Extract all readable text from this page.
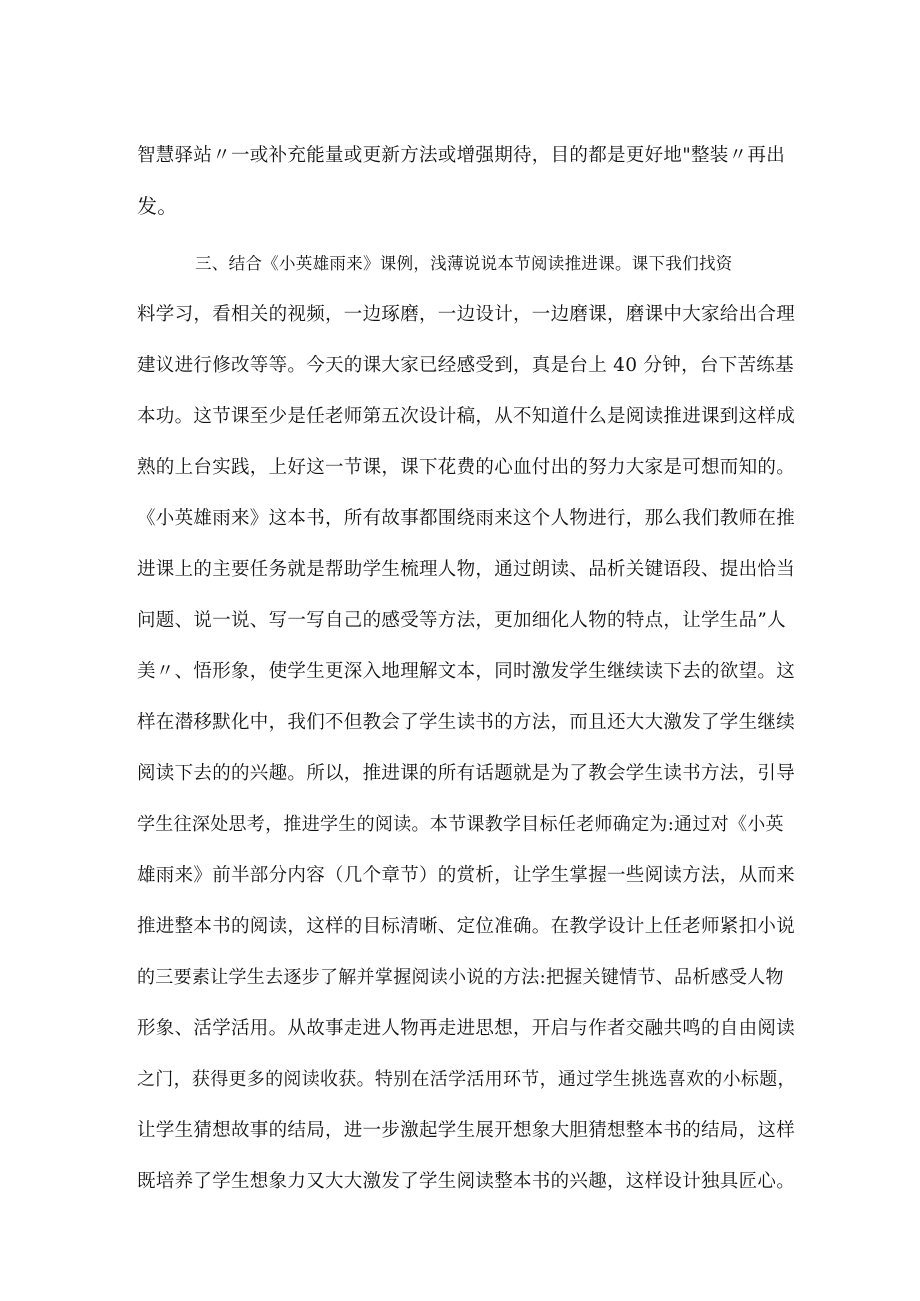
智慧驿站〃一或补充能量或更新方法或增强期待，目的都是更好地"整装〃再出
发。
三、结合《小英雄雨来》课例，浅薄说说本节阅读推进课。课下我们找资
料学习，看相关的视频，一边琢磨，一边设计，一边磨课，磨课中大家给出合理
建议进行修改等等。今天的课大家已经感受到，真是台上 40 分钟，台下苦练基
本功。这节课至少是任老师第五次设计稿，从不知道什么是阅读推进课到这样成
熟的上台实践，上好这一节课，课下花费的心血付出的努力大家是可想而知的。
《小英雄雨来》这本书，所有故事都围绕雨来这个人物进行，那么我们教师在推
进课上的主要任务就是帮助学生梳理人物，通过朗读、品析关键语段、提出恰当
问题、说一说、写一写自己的感受等方法，更加细化人物的特点，让学生品”人
美〃、悟形象，使学生更深入地理解文本，同时激发学生继续读下去的欲望。这
样在潜移默化中，我们不但教会了学生读书的方法，而且还大大激发了学生继续
阅读下去的的兴趣。所以，推进课的所有话题就是为了教会学生读书方法，引导
学生往深处思考，推进学生的阅读。本节课教学目标任老师确定为:通过对《小英
雄雨来》前半部分内容（几个章节）的赏析，让学生掌握一些阅读方法，从而来
推进整本书的阅读，这样的目标清晰、定位准确。在教学设计上任老师紧扣小说
的三要素让学生去逐步了解并掌握阅读小说的方法:把握关键情节、品析感受人物
形象、活学活用。从故事走进人物再走进思想，开启与作者交融共鸣的自由阅读
之门，获得更多的阅读收获。特别在活学活用环节，通过学生挑选喜欢的小标题，
让学生猜想故事的结局，进一步激起学生展开想象大胆猜想整本书的结局，这样
既培养了学生想象力又大大激发了学生阅读整本书的兴趣，这样设计独具匠心。
